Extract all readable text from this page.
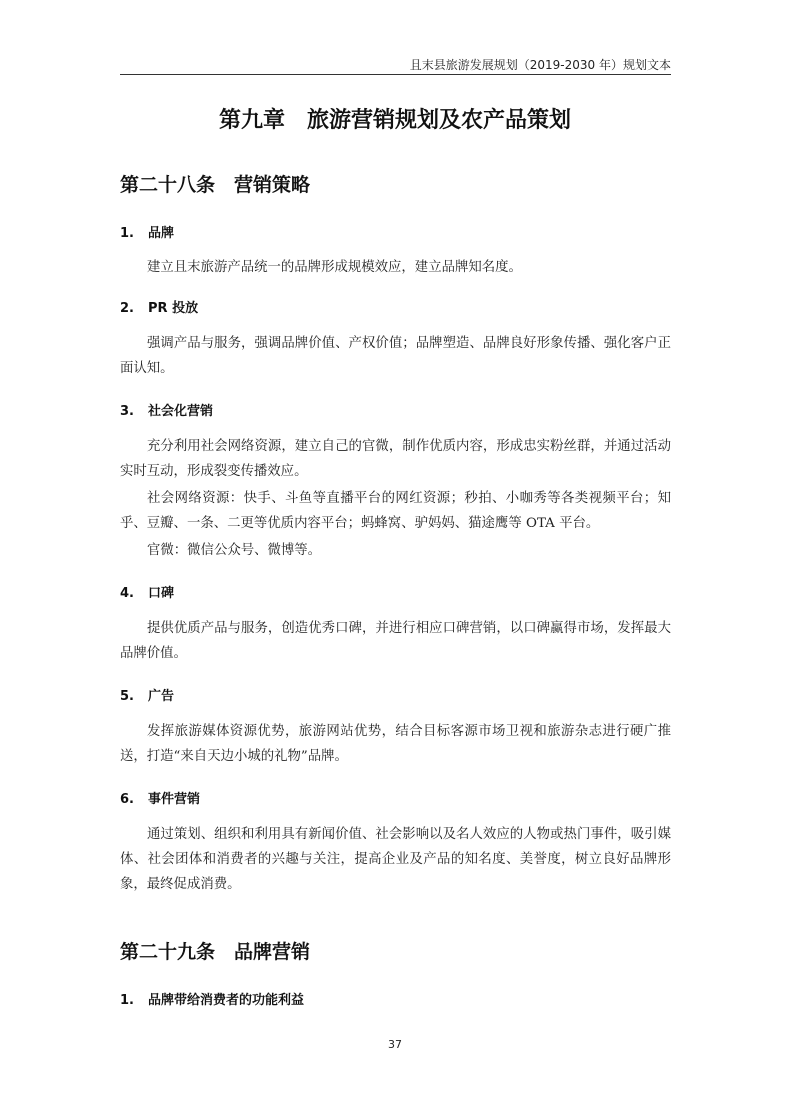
且末县旅游发展规划（2019-2030 年）规划文本
第九章　旅游营销规划及农产品策划
第二十八条　营销策略
1. 品牌
建立且末旅游产品统一的品牌形成规模效应，建立品牌知名度。
2. PR 投放
强调产品与服务，强调品牌价值、产权价值；品牌塑造、品牌良好形象传播、强化客户正面认知。
3. 社会化营销
充分利用社会网络资源，建立自己的官微，制作优质内容，形成忠实粉丝群，并通过活动实时互动，形成裂变传播效应。
社会网络资源：快手、斗鱼等直播平台的网红资源；秒拍、小咖秀等各类视频平台；知乎、豆瓣、一条、二更等优质内容平台；蚂蜂窝、驴妈妈、猫途鹰等 OTA 平台。
官微：微信公众号、微博等。
4. 口碑
提供优质产品与服务，创造优秀口碑，并进行相应口碑营销，以口碑赢得市场，发挥最大品牌价值。
5. 广告
发挥旅游媒体资源优势，旅游网站优势，结合目标客源市场卫视和旅游杂志进行硬广推送，打造“来自天边小城的礼物”品牌。
6. 事件营销
通过策划、组织和利用具有新闻价值、社会影响以及名人效应的人物或热门事件，吸引媒体、社会团体和消费者的兴趣与关注，提高企业及产品的知名度、美誉度，树立良好品牌形象，最终促成消费。
第二十九条　品牌营销
1. 品牌带给消费者的功能利益
37
